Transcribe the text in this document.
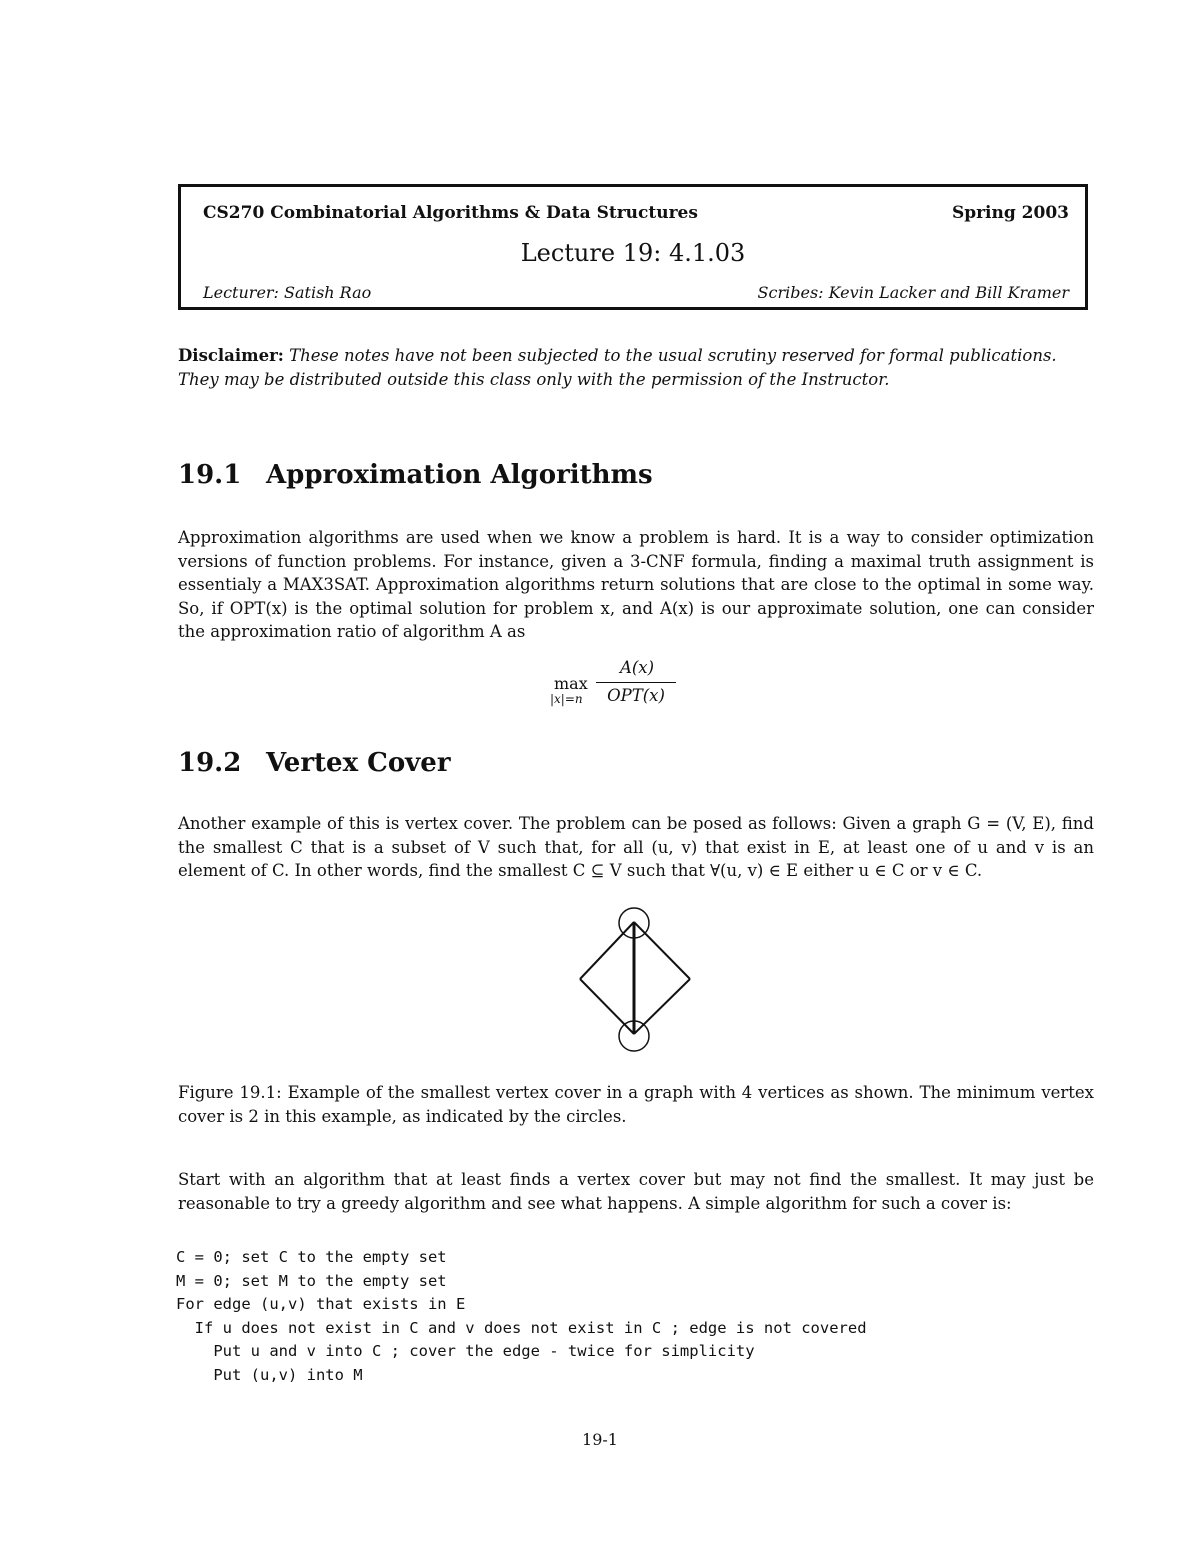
CS270 Combinatorial Algorithms & Data Structures	Spring 2003
Lecture 19: 4.1.03
Lecturer: Satish Rao	Scribes: Kevin Lacker and Bill Kramer
Disclaimer: These notes have not been subjected to the usual scrutiny reserved for formal publications. They may be distributed outside this class only with the permission of the Instructor.
19.1 Approximation Algorithms
Approximation algorithms are used when we know a problem is hard. It is a way to consider optimization versions of function problems. For instance, given a 3-CNF formula, finding a maximal truth assignment is essentialy a MAX3SAT. Approximation algorithms return solutions that are close to the optimal in some way. So, if OPT(x) is the optimal solution for problem x, and A(x) is our approximate solution, one can consider the approximation ratio of algorithm A as
max
|x|=n
A(x)
OPT(x)
19.2 Vertex Cover
Another example of this is vertex cover. The problem can be posed as follows: Given a graph G = (V, E), find the smallest C that is a subset of V such that, for all (u, v) that exist in E, at least one of u and v is an element of C. In other words, find the smallest C ⊆ V such that ∀(u, v) ∈ E either u ∈ C or v ∈ C.
Figure 19.1: Example of the smallest vertex cover in a graph with 4 vertices as shown. The minimum vertex cover is 2 in this example, as indicated by the circles.
Start with an algorithm that at least finds a vertex cover but may not find the smallest. It may just be reasonable to try a greedy algorithm and see what happens. A simple algorithm for such a cover is:
C = 0; set C to the empty set
M = 0; set M to the empty set
For edge (u,v) that exists in E
If u does not exist in C and v does not exist in C ; edge is not covered
Put u and v into C ; cover the edge - twice for simplicity
Put (u,v) into M
19-1
